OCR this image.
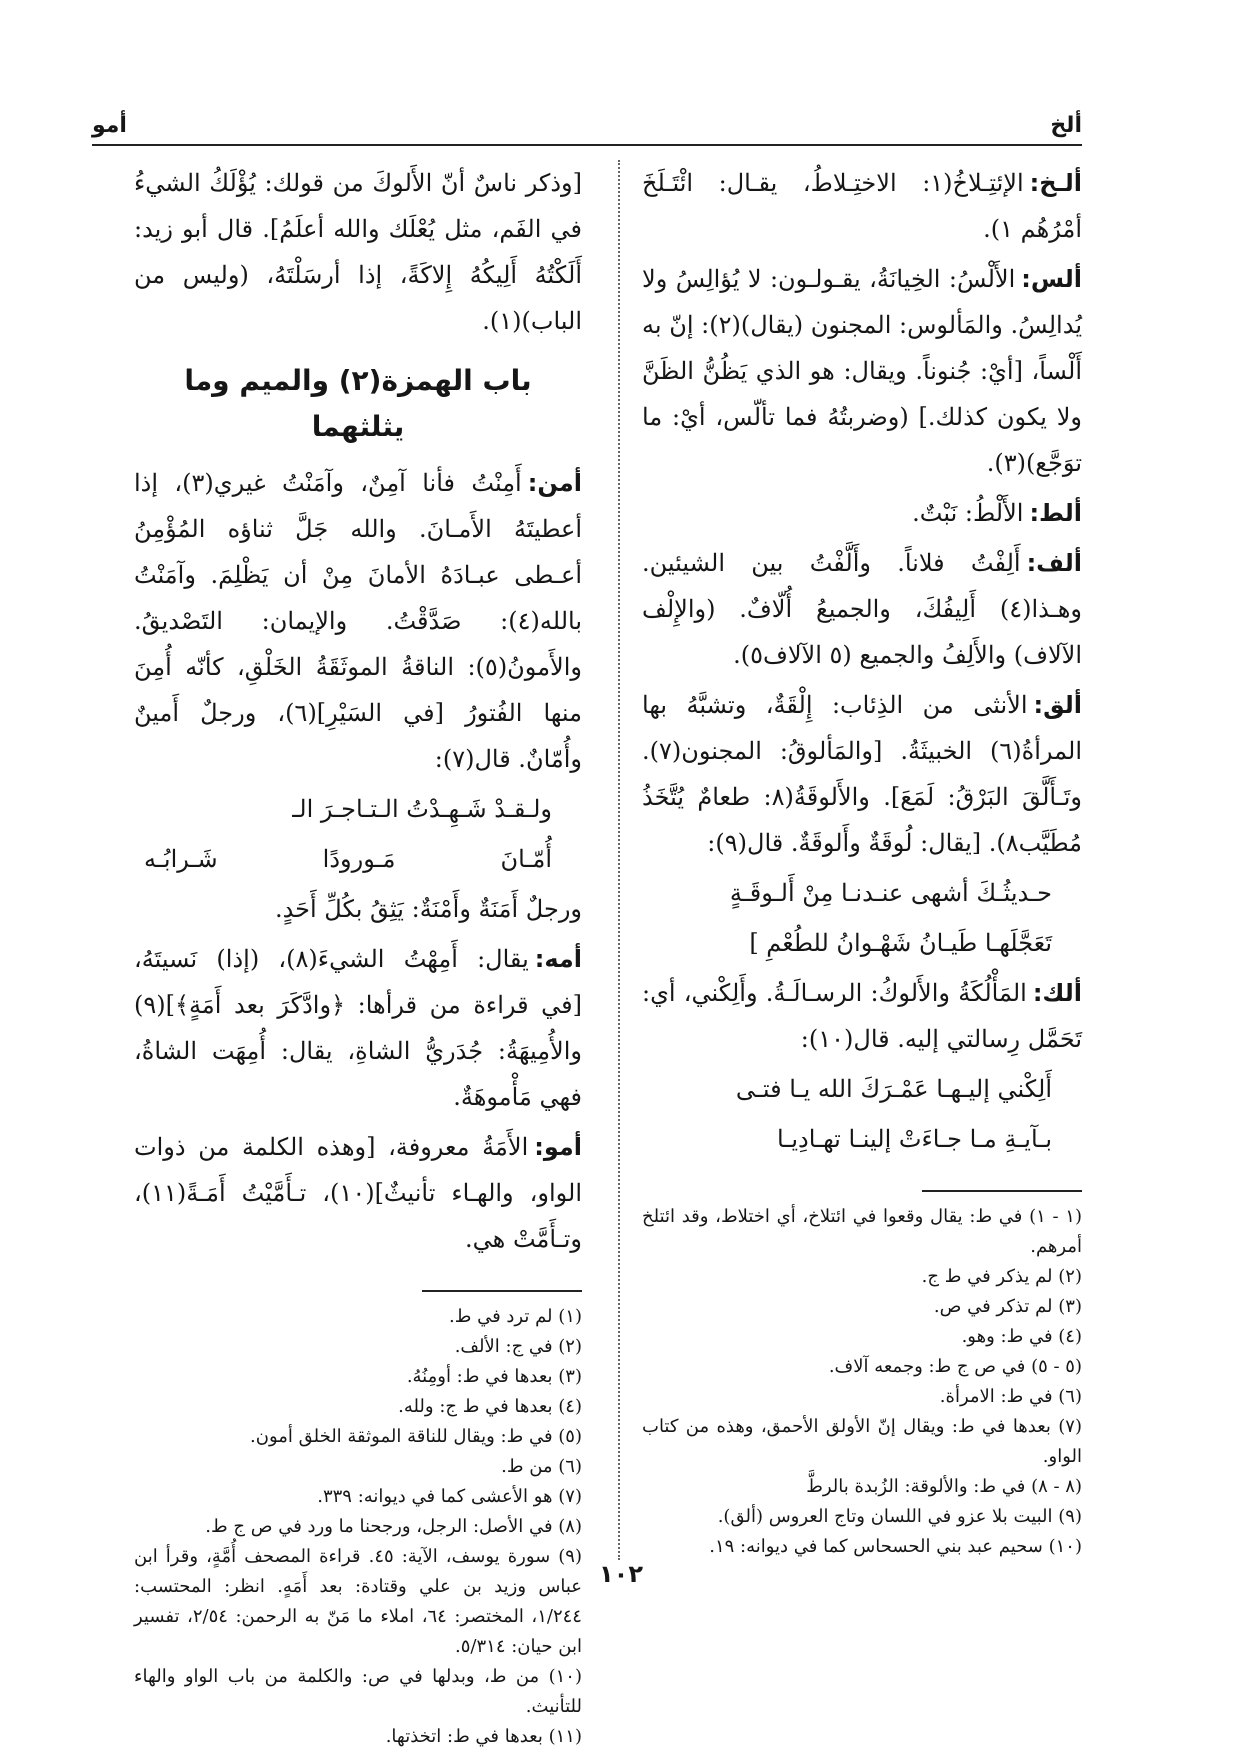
ألخ
أمو

ألـخ:الإئتِـلاخُ(١: الاختِـلاطُ، يقـال: ائْتَـلَخَ أمْرُهُم ١).

ألس:الأَلْسُ: الخِيانَةُ، يقـولـون: لا يُؤالِسُ ولا يُدالِسُ. والمَألوس: المجنون (يقال)(٢): إنّ به أَلْساً، [أيْ: جُنوناً. ويقال: هو الذي يَظُنُّ الظَنَّ ولا يكون كذلك.] (وضربتُهُ فما تألّس، أيْ: ما توَجَّع)(٣).

ألط:الأَلْطُ: نَبْتٌ.

ألف:أَلِفْتُ فلاناً. وأَلَّفْتُ بين الشيئين. وهـذا(٤) أَلِيفُكَ، والجميعُ أُلّافٌ. (والإِلْف الآلاف) والأَلِفُ والجميع (٥ الآلاف٥).

ألق:الأنثى من الذِئاب: إِلْقَةٌ، وتشبَّهُ بها المرأةُ(٦) الخبيثَةُ. [والمَألوقُ: المجنون(٧). وتَـأَلَّقَ البَرْقُ: لَمَعَ]. والأَلوقَةُ(٨: طعامٌ يُتَّخَذُ مُطَيَّب٨). [يقال: لُوقَةٌ وأَلوقَةٌ. قال(٩):

حـديثُـكَ أشهى عنـدنـا مِنْ أَلـوقَـةٍ
تَعَجَّلَهـا طَيـانُ شَهْـوانُ للطُعْمِ ]

ألك:المَأْلُكَةُ والأَلوكُ: الرسـالَـةُ. وأَلِكْني، أي: تَحَمَّل رِسالتي إليه. قال(١٠):

أَلِكْني إليـهـا عَمْـرَكَ الله يـا فتـى
بـآيـةِ مـا جـاءَتْ إلينـا تهـادِيـا
(١ - ١) في ط: يقال وقعوا في ائتلاخ، أي اختلاط، وقد ائتلخ أمرهم.
(٢) لم يذكر في ط ج.
(٣) لم تذكر في ص.
(٤) في ط: وهو.
(٥ - ٥) في ص ج ط: وجمعه آلاف.
(٦) في ط: الامرأة.
(٧) بعدها في ط: ويقال إنّ الأولق الأحمق، وهذه من كتاب الواو.
(٨ - ٨) في ط: والألوقة: الزُبدة بالرطَّ
(٩) البيت بلا عزو في اللسان وتاج العروس (ألق).
(١٠) سحيم عبد بني الحسحاس كما في ديوانه: ١٩.

[وذكر ناسٌ أنّ الأَلوكَ من قولك: يُؤْلَكُ الشيءُ في الفَم، مثل يُعْلَك والله أعلَمُ]. قال أبو زيد: أَلَكْتُهُ أَلِيكُهُ إِلاكَةً، إذا أرسَلْتَهُ، (وليس من الباب)(١).

باب الهمزة(٢) والميم وما يثلثهما

أمن:أَمِنْتُ فأنا آمِنٌ، وآمَنْتُ غيري(٣)، إذا أعطيتَهُ الأَمـانَ. والله جَلَّ ثناؤه المُؤْمِنُ أعـطى عبـادَهُ الأمانَ مِنْ أن يَظْلِمَ. وآمَنْتُ بالله(٤): صَدَّقْتُ. والإيمان: التَصْديقُ. والأَمونُ(٥): الناقةُ الموثَقَةُ الخَلْقِ، كأنّه أُمِنَ منها الفُتورُ [في السَيْرِ](٦)، ورجلٌ أَمينٌ وأُمّانٌ. قال(٧):

ولـقـدْ شَـهِـدْتُ الـتـاجـرَ الـ
أُمّـانَ
مَـورودًا
شَـرابُـه

ورجلٌ أَمَنَةٌ وأَمْنَةٌ: يَثِقُ بكُلِّ أَحَدٍ.

أمه:يقال: أَمِهْتُ الشيءَ(٨)، (إذا) نَسيتَهُ، [في قراءة من قرأها: ﴿وادَّكَرَ بعد أَمَةٍ﴾](٩) والأُمِيهَةُ: جُدَريُّ الشاةِ، يقال: أُمِهَت الشاةُ، فهي مَأْموهَةٌ.

أمو:الأَمَةُ معروفة، [وهذه الكلمة من ذوات الواو، والهـاء تأنيثٌ](١٠)، تـأَمَّيْتُ أَمَـةً(١١)، وتـأَمَّتْ هي.

(١) لم ترد في ط.
(٢) في ج: الألف.
(٣) بعدها في ط: أومِنُهُ.
(٤) بعدها في ط ج: ولله.
(٥) في ط: ويقال للناقة الموثقة الخلق أمون.
(٦) من ط.
(٧) هو الأعشى كما في ديوانه: ٣٣٩.
(٨) في الأصل: الرجل، ورجحنا ما ورد في ص ج ط.
(٩) سورة يوسف، الآية: ٤٥. قراءة المصحف أُمَّةٍ، وقرأ ابن عباس وزيد بن علي وقتادة: بعد أَمَهٍ. انظر: المحتسب: ١/٢٤٤، المختصر: ٦٤، املاء ما مَنّ به الرحمن: ٢/٥٤، تفسير ابن حيان: ٥/٣١٤.
(١٠) من ط، وبدلها في ص: والكلمة من باب الواو والهاء للتأنيث.
(١١) بعدها في ط: اتخذتها.
١٠٢
